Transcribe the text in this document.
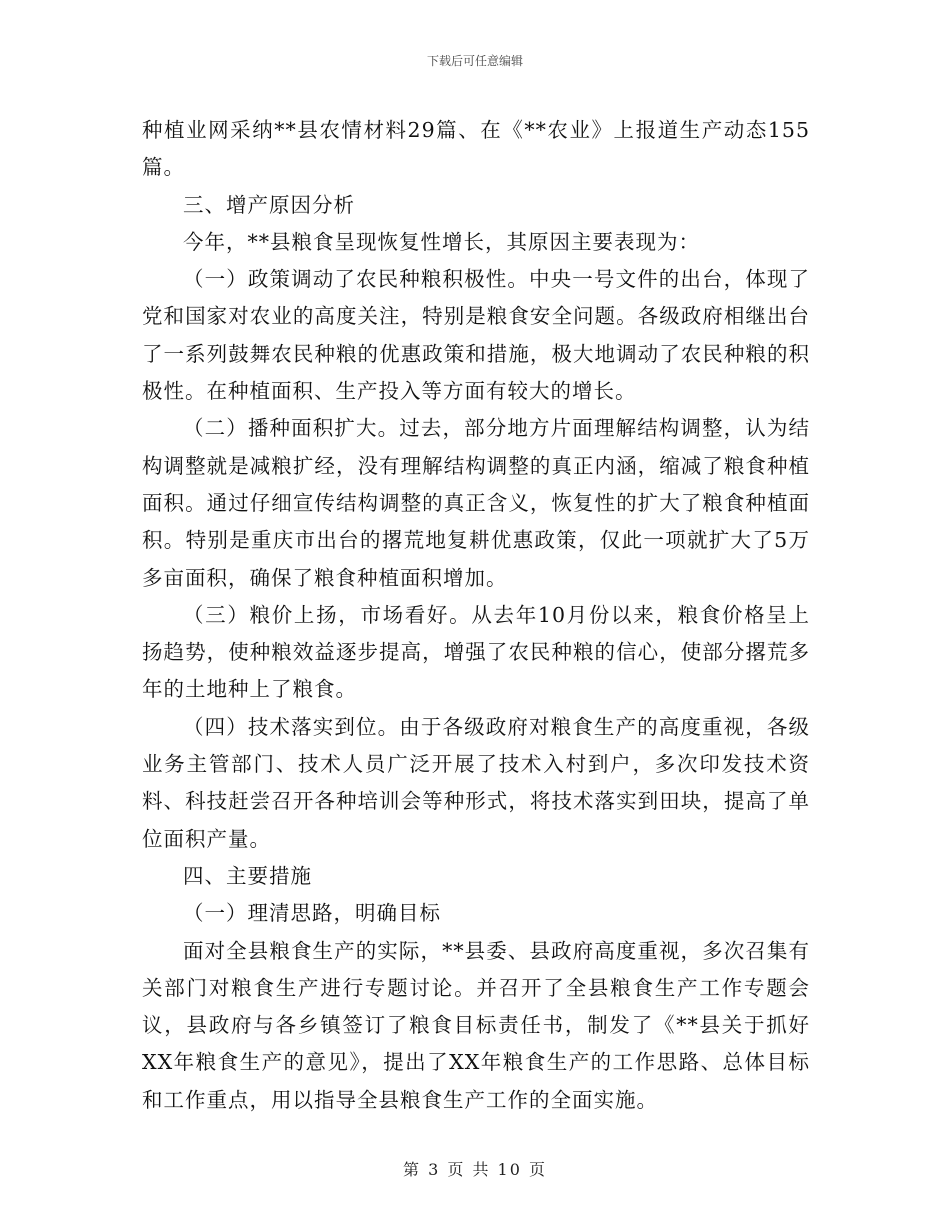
下载后可任意编辑

种植业网采纳**县农情材料29篇、在《**农业》上报道生产动态155篇。

三、增产原因分析

今年，**县粮食呈现恢复性增长，其原因主要表现为：

（一）政策调动了农民种粮积极性。中央一号文件的出台，体现了党和国家对农业的高度关注，特别是粮食安全问题。各级政府相继出台了一系列鼓舞农民种粮的优惠政策和措施，极大地调动了农民种粮的积极性。在种植面积、生产投入等方面有较大的增长。

（二）播种面积扩大。过去，部分地方片面理解结构调整，认为结构调整就是减粮扩经，没有理解结构调整的真正内涵，缩减了粮食种植面积。通过仔细宣传结构调整的真正含义，恢复性的扩大了粮食种植面积。特别是重庆市出台的撂荒地复耕优惠政策，仅此一项就扩大了5万多亩面积，确保了粮食种植面积增加。

（三）粮价上扬，市场看好。从去年10月份以来，粮食价格呈上扬趋势，使种粮效益逐步提高，增强了农民种粮的信心，使部分撂荒多年的土地种上了粮食。

（四）技术落实到位。由于各级政府对粮食生产的高度重视，各级业务主管部门、技术人员广泛开展了技术入村到户，多次印发技术资料、科技赶尝召开各种培训会等种形式，将技术落实到田块，提高了单位面积产量。

四、主要措施

（一）理清思路，明确目标

面对全县粮食生产的实际，**县委、县政府高度重视，多次召集有关部门对粮食生产进行专题讨论。并召开了全县粮食生产工作专题会议，县政府与各乡镇签订了粮食目标责任书，制发了《**县关于抓好XX年粮食生产的意见》，提出了XX年粮食生产的工作思路、总体目标和工作重点，用以指导全县粮食生产工作的全面实施。

第 3 页 共 10 页
